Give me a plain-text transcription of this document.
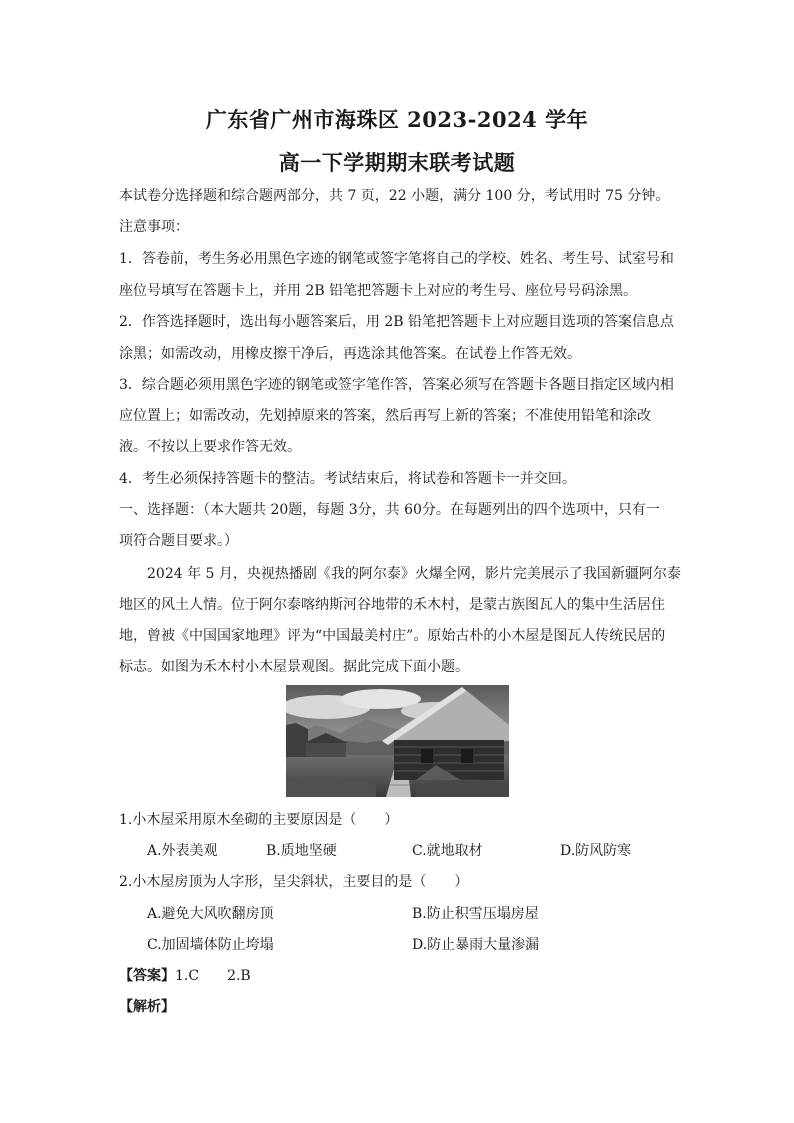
广东省广州市海珠区 2023-2024 学年
高一下学期期末联考试题
本试卷分选择题和综合题两部分，共 7 页，22 小题，满分 100 分，考试用时 75 分钟。
注意事项：
1．答卷前，考生务必用黑色字迹的钢笔或签字笔将自己的学校、姓名、考生号、试室号和
座位号填写在答题卡上，并用 2B 铅笔把答题卡上对应的考生号、座位号号码涂黑。
2．作答选择题时，选出每小题答案后，用 2B 铅笔把答题卡上对应题目选项的答案信息点
涂黑；如需改动，用橡皮擦干净后，再选涂其他答案。在试卷上作答无效。
3．综合题必须用黑色字迹的钢笔或签字笔作答，答案必须写在答题卡各题目指定区域内相
应位置上；如需改动，先划掉原来的答案，然后再写上新的答案；不准使用铅笔和涂改
液。不按以上要求作答无效。
4．考生必须保持答题卡的整洁。考试结束后，将试卷和答题卡一并交回。
一、选择题：（本大题共 20题，每题 3分，共 60分。在每题列出的四个选项中，只有一
项符合题目要求。）
2024 年 5 月，央视热播剧《我的阿尔泰》火爆全网，影片完美展示了我国新疆阿尔泰
地区的风土人情。位于阿尔泰喀纳斯河谷地带的禾木村，是蒙古族图瓦人的集中生活居住
1.小木屋采用原木垒砌的主要原因是（　　）
A.外表美观	B.质地坚硬	C.就地取材	D.防风防寒
2.小木屋房顶为人字形，呈尖斜状，主要目的是（　　）
A.避免大风吹翻房顶	B.防止积雪压塌房屋
C.加固墙体防止垮塌	D.防止暴雨大量渗漏
【答案】1.C　　2.B
【解析】
地，曾被《中国国家地理》评为“中国最美村庄”。原始古朴的小木屋是图瓦人传统民居的
标志。如图为禾木村小木屋景观图。据此完成下面小题。
